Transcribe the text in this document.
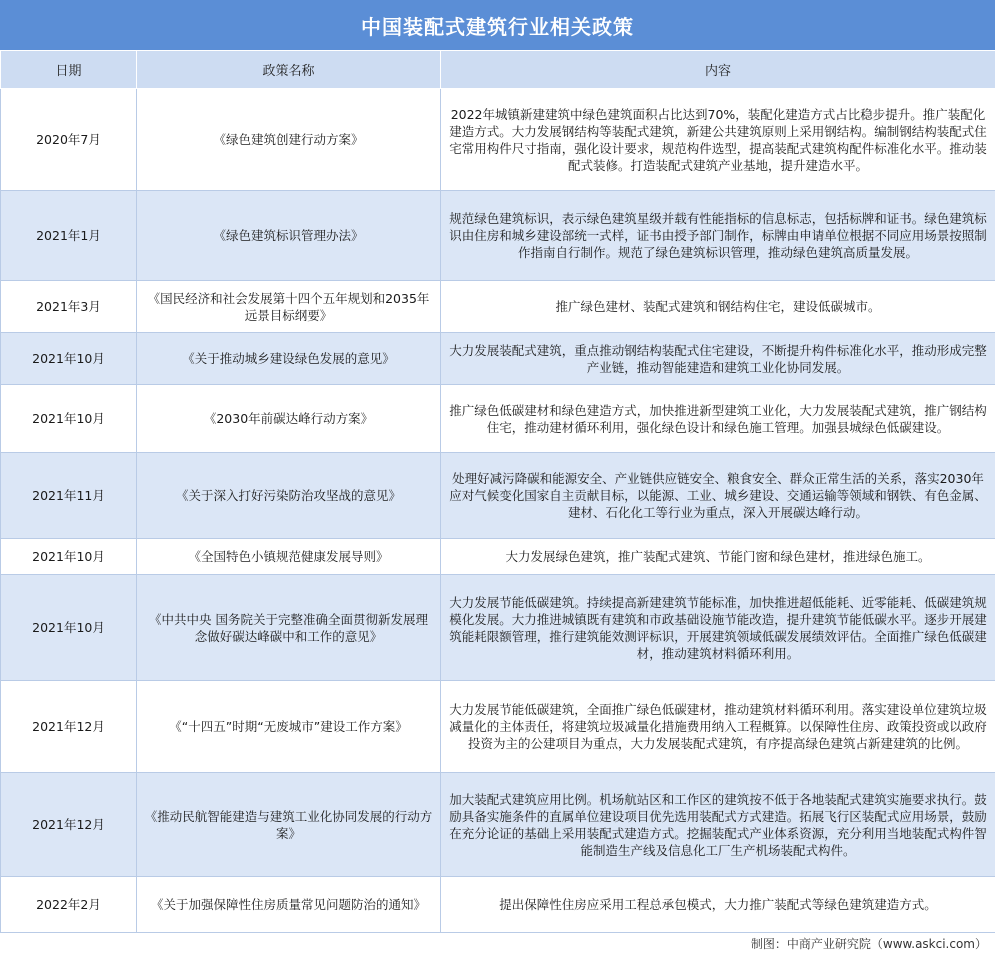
中国装配式建筑行业相关政策
日期	政策名称	内容
2020年7月	《绿色建筑创建行动方案》	2022年城镇新建建筑中绿色建筑面积占比达到70%，装配化建造方式占比稳步提升。推广装配化建造方式。大力发展钢结构等装配式建筑，新建公共建筑原则上采用钢结构。编制钢结构装配式住宅常用构件尺寸指南，强化设计要求，规范构件选型，提高装配式建筑构配件标准化水平。推动装配式装修。打造装配式建筑产业基地，提升建造水平。
2021年1月	《绿色建筑标识管理办法》	规范绿色建筑标识，表示绿色建筑星级并载有性能指标的信息标志，包括标牌和证书。绿色建筑标识由住房和城乡建设部统一式样，证书由授予部门制作，标牌由申请单位根据不同应用场景按照制作指南自行制作。规范了绿色建筑标识管理，推动绿色建筑高质量发展。
2021年3月	《国民经济和社会发展第十四个五年规划和2035年远景目标纲要》	推广绿色建材、装配式建筑和钢结构住宅，建设低碳城市。
2021年10月	《关于推动城乡建设绿色发展的意见》	大力发展装配式建筑，重点推动钢结构装配式住宅建设，不断提升构件标准化水平，推动形成完整产业链，推动智能建造和建筑工业化协同发展。
2021年10月	《2030年前碳达峰行动方案》	推广绿色低碳建材和绿色建造方式，加快推进新型建筑工业化，大力发展装配式建筑，推广钢结构住宅，推动建材循环利用，强化绿色设计和绿色施工管理。加强县城绿色低碳建设。
2021年11月	《关于深入打好污染防治攻坚战的意见》	处理好减污降碳和能源安全、产业链供应链安全、粮食安全、群众正常生活的关系，落实2030年应对气候变化国家自主贡献目标，以能源、工业、城乡建设、交通运输等领域和钢铁、有色金属、建材、石化化工等行业为重点，深入开展碳达峰行动。
2021年10月	《全国特色小镇规范健康发展导则》	大力发展绿色建筑，推广装配式建筑、节能门窗和绿色建材，推进绿色施工。
2021年10月	《中共中央 国务院关于完整准确全面贯彻新发展理念做好碳达峰碳中和工作的意见》	大力发展节能低碳建筑。持续提高新建建筑节能标准，加快推进超低能耗、近零能耗、低碳建筑规模化发展。大力推进城镇既有建筑和市政基础设施节能改造，提升建筑节能低碳水平。逐步开展建筑能耗限额管理，推行建筑能效测评标识，开展建筑领域低碳发展绩效评估。全面推广绿色低碳建材，推动建筑材料循环利用。
2021年12月	《“十四五”时期“无废城市”建设工作方案》	大力发展节能低碳建筑，全面推广绿色低碳建材，推动建筑材料循环利用。落实建设单位建筑垃圾减量化的主体责任，将建筑垃圾减量化措施费用纳入工程概算。以保障性住房、政策投资或以政府投资为主的公建项目为重点，大力发展装配式建筑，有序提高绿色建筑占新建建筑的比例。
2021年12月	《推动民航智能建造与建筑工业化协同发展的行动方案》	加大装配式建筑应用比例。机场航站区和工作区的建筑按不低于各地装配式建筑实施要求执行。鼓励具备实施条件的直属单位建设项目优先选用装配式方式建造。拓展飞行区装配式应用场景，鼓励在充分论证的基础上采用装配式建造方式。挖掘装配式产业体系资源，充分利用当地装配式构件智能制造生产线及信息化工厂生产机场装配式构件。
2022年2月	《关于加强保障性住房质量常见问题防治的通知》	提出保障性住房应采用工程总承包模式，大力推广装配式等绿色建筑建造方式。
制图：中商产业研究院（www.askci.com）
